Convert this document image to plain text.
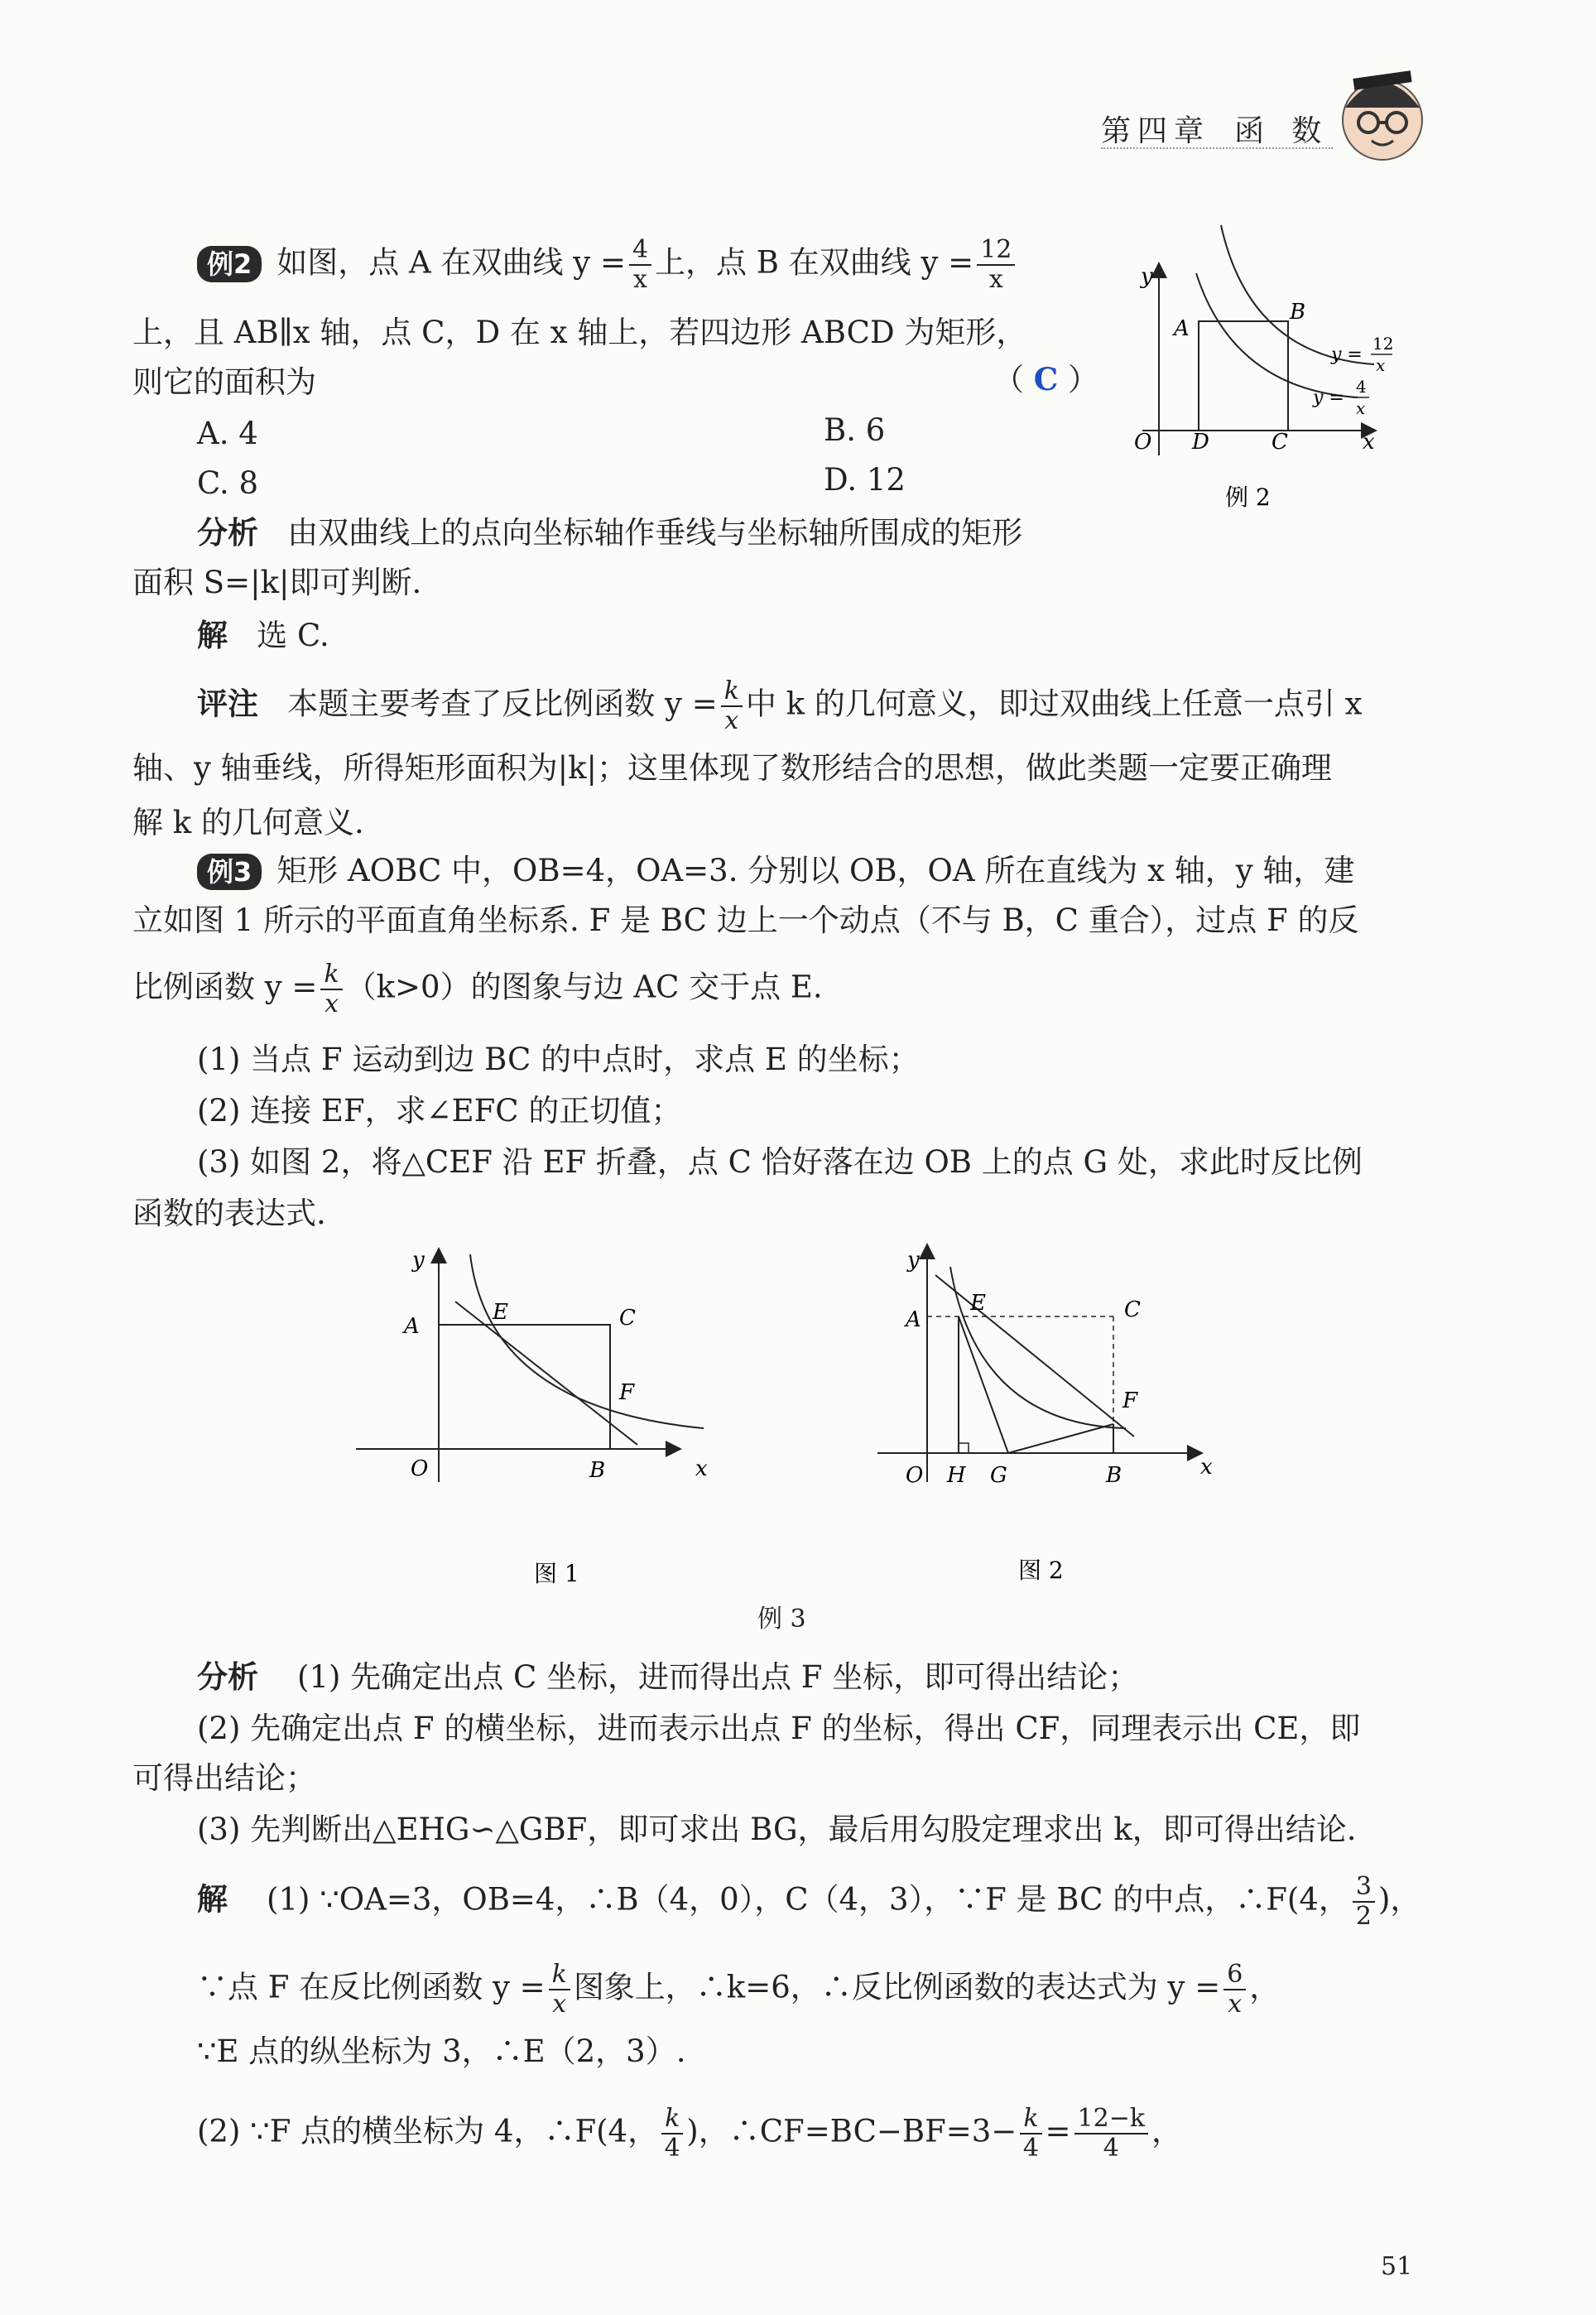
第四章 函 数
例2 如图，点 A 在双曲线 $y = \frac{4}{x}$ 上，点 B 在双曲线 $y = \frac{12}{x}$
上，且 AB∥x 轴，点 C，D 在 x 轴上，若四边形 ABCD 为矩形，
则它的面积为	（ C ）
A. 4	B. 6
C. 8	D. 12
分析 由双曲线上的点向坐标轴作垂线与坐标轴所围成的矩形
面积 S=|k|即可判断.
解 选 C.
评注 本题主要考查了反比例函数 $y = \frac{k}{x}$ 中 k 的几何意义，即过双曲线上任意一点引 x
轴、y 轴垂线，所得矩形面积为|k|；这里体现了数形结合的思想，做此类题一定要正确理
解 k 的几何意义.
y
x
O
A
B
D	C
y =
12
x
y =
4
x
例 2
例3 矩形 AOBC 中，OB=4，OA=3. 分别以 OB，OA 所在直线为 x 轴，y 轴，建
立如图 1 所示的平面直角坐标系. F 是 BC 边上一个动点（不与 B，C 重合），过点 F 的反
比例函数 $y = \frac{k}{x} (k>0)$的图象与边 AC 交于点 E.
(1) 当点 F 运动到边 BC 的中点时，求点 E 的坐标；
(2) 连接 EF，求∠EFC 的正切值；
(3) 如图 2，将△CEF 沿 EF 折叠，点 C 恰好落在边 OB 上的点 G 处，求此时反比例
函数的表达式.
y
A
E	C
F
O	B	x
图 1
y
A
E	C
F
O H G	B	x
图 2
例 3
分析 (1) 先确定出点 C 坐标，进而得出点 F 坐标，即可得出结论；
(2) 先确定出点 F 的横坐标，进而表示出点 F 的坐标，得出 CF，同理表示出 CE，即
可得出结论；
(3) 先判断出△EHG∽△GBF，即可求出 BG，最后用勾股定理求出 k，即可得出结论.
解 (1) ∵OA=3，OB=4，∴B（4，0），C（4，3），∵F 是 BC 的中点，∴F(4， $\frac{3}{2}$ )，
∵点 F 在反比例函数 $y = \frac{k}{x}$ 图象上，∴k=6，∴反比例函数的表达式为 $y = \frac{6}{x}$ ，
∵E 点的纵坐标为 3，∴E（2，3）.
(2) ∵F 点的横坐标为 4，∴F(4， $\frac{k}{4}$ )，∴CF=BC−BF=3− $\frac{k}{4} = \frac{12-k}{4}$ ，
51
